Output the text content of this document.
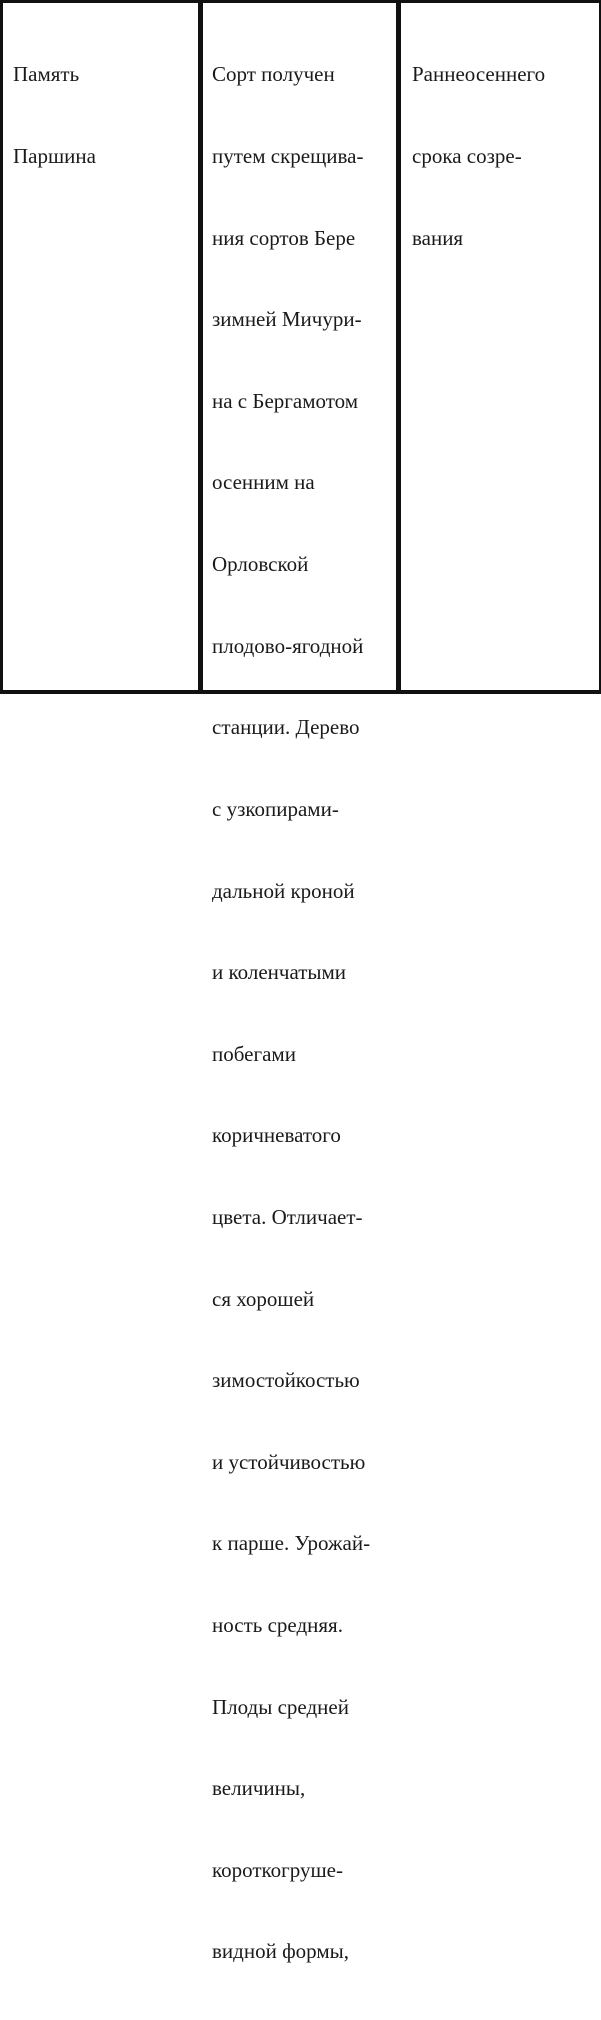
Память

Паршина

Сорт получен

путем скрещива-

ния сортов Бере

зимней Мичури-

на с Бергамотом

осенним на

Орловской

плодово-ягодной

станции. Дерево

с узкопирами-

дальной кроной

и коленчатыми

побегами

коричневатого

цвета. Отличает-

ся хорошей

зимостойкостью

и устойчивостью

к парше. Урожай-

ность средняя.

Плоды средней

величины,

короткогруше-

видной формы,

Раннеосеннего

срока созре-

вания
